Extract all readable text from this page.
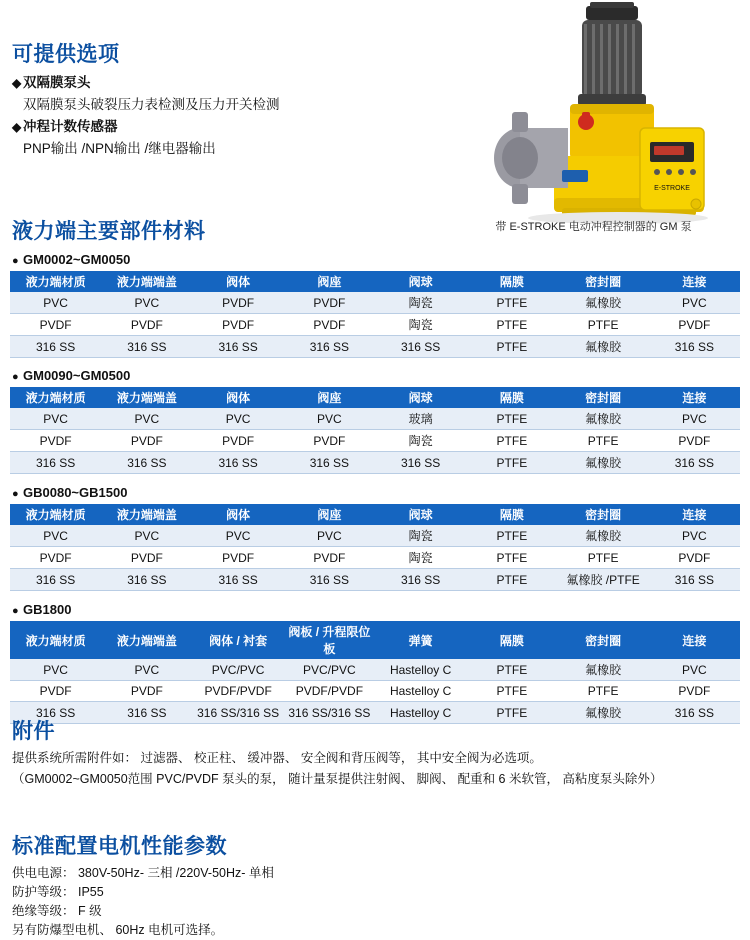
可提供选项
◆ 双隔膜泵头
双隔膜泵头破裂压力表检测及压力开关检测
◆ 冲程计数传感器
PNP输出 /NPN输出 /继电器输出
E-STROKE
带 E-STROKE 电动冲程控制器的 GM 泵
液力端主要部件材料
● GM0002~GM0050
液力端材质	液力端端盖	阀体	阀座	阀球	隔膜	密封圈	连接
PVC	PVC	PVDF	PVDF	陶瓷	PTFE	氟橡胶	PVC
PVDF	PVDF	PVDF	PVDF	陶瓷	PTFE	PTFE	PVDF
316 SS	316 SS	316 SS	316 SS	316 SS	PTFE	氟橡胶	316 SS
● GM0090~GM0500
液力端材质	液力端端盖	阀体	阀座	阀球	隔膜	密封圈	连接
PVC	PVC	PVC	PVC	玻璃	PTFE	氟橡胶	PVC
PVDF	PVDF	PVDF	PVDF	陶瓷	PTFE	PTFE	PVDF
316 SS	316 SS	316 SS	316 SS	316 SS	PTFE	氟橡胶	316 SS
● GB0080~GB1500
液力端材质	液力端端盖	阀体	阀座	阀球	隔膜	密封圈	连接
PVC	PVC	PVC	PVC	陶瓷	PTFE	氟橡胶	PVC
PVDF	PVDF	PVDF	PVDF	陶瓷	PTFE	PTFE	PVDF
316 SS	316 SS	316 SS	316 SS	316 SS	PTFE	氟橡胶 /PTFE	316 SS
● GB1800
液力端材质	液力端端盖	阀体 / 衬套	阀板 / 升程限位板	弹簧	隔膜	密封圈	连接
PVC	PVC	PVC/PVC	PVC/PVC	Hastelloy C	PTFE	氟橡胶	PVC
PVDF	PVDF	PVDF/PVDF	PVDF/PVDF	Hastelloy C	PTFE	PTFE	PVDF
316 SS	316 SS	316 SS/316 SS	316 SS/316 SS	Hastelloy C	PTFE	氟橡胶	316 SS
附件
提供系统所需附件如： 过滤器、 校正柱、 缓冲器、 安全阀和背压阀等， 其中安全阀为必选项。
（GM0002~GM0050范围 PVC/PVDF 泵头的泵， 随计量泵提供注射阀、 脚阀、 配重和 6 米软管， 高粘度泵头除外）
标准配置电机性能参数
供电电源： 380V-50Hz- 三相 /220V-50Hz- 单相
防护等级： IP55
绝缘等级： F 级
另有防爆型电机、 60Hz 电机可选择。
